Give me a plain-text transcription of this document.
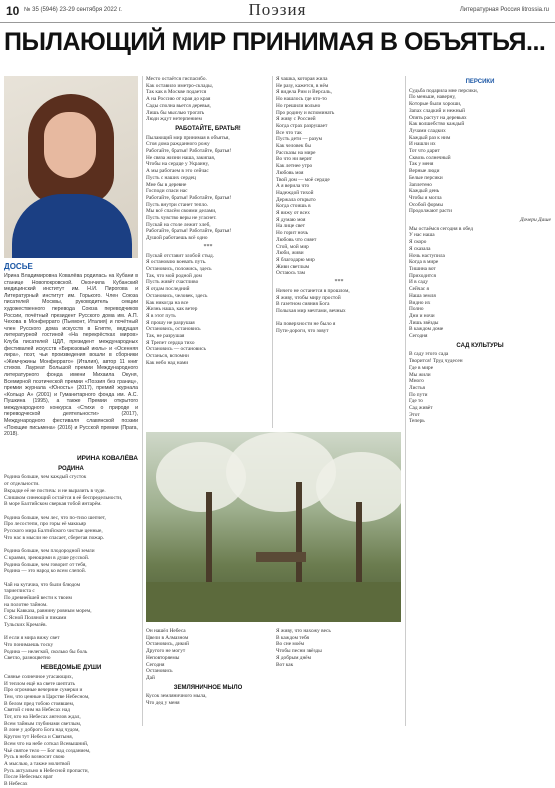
10 № 35 (5946) 23-29 сентября 2022 г.	Поэзия	Литературная Россия litrossia.ru
ПЫЛАЮЩИЙ МИР ПРИНИМАЯ В ОБЪЯТЬЯ...
ДОСЬЕ
Ирина Владимировна Ковалёва родилась на Кубани в станице Новопокровской. Окончила Кубанский медицинский институт им. Н.И. Пирогова и Литературный институт им. Горького. Член Союза писателей Москвы, руководитель секции художественного перевода Союза переводчиков России, почётный президент Русского дома им. А.П. Чехова в Монферрато (Пьемонт, Италия) и почётный член Русского дома искусств в Египте, ведущая литературной гостиной «На перекрёстках миров» Клуба писателей ЦДЛ, президент международных фестивалей искусств «Бирюзовый июль» и «Осенняя лира», поэт, чьи произведения вошли в сборники «Жемчужины Монферрато» (Италия), автор 11 книг стихов. Лауреат Большой премии Международного литературного фонда имени Михаила Окуня, Всемирной поэтической премии «Поэзия без границ», премии журнала «Юность» (2017), премий журнала «Кольцо А» (2001) и Гуманитарного фонда им. А.С. Пушкина (1995), а также Премии открытого международного конкурса «Стихи о природе и переводческой деятельности» (2017), Международного фестиваля славянской поэзии «Поющие письмена» (2016) и Русской премии (Прага, 2018).
ИРИНА КОВАЛЁВА
РОДИНА
Родина больше, чем каждый сгусток
от отдельности.
Вкрадце её не постичь: и не выразить в чуде.
Слишком синеющий остаётся в её беспредельности,
В море Балтийском сверкая тобой янтарём.

Родина больше, чем лес, что по-тихо шепчет,
Про лесостепи, про горы её маккьяр
Русского мира Балтийского чистые ценные,
Что нас в мысли не спасает, сберегая пожар.

Родина больше, чем плодородной земли
С краями, зреющими в душе русской.
Родина больше, чем говорит от тебя,
Родина — это народ ко всем слепой.

Чай на кутачиа, что были блюдом
тариеглиста с
По древнейшей вести к твоим
на полотне тайном.
Горы Кавказа, равнину ровным морем,
С Ясной Поляной и пиками
Тульских Кремлёв.

И если я мира вижу свет
Что понимаешь тоску
Родина — нелегкой, сколько бы боль
Светло, разноцветно
НЕВЕДОМЫЕ ДУШИ
Сиянье солнечное угасающих,
И теплом ещё на свете шептать
Про огромные вечерние сумерки и
Тем, что ценные в Царстве Небесном,
В белом пред тобою стоявшем,
Святой с ним на Небесах над
Тот, кто на Небесах ангелов ждал,
Всем тайным глубинами светлым,
В лоне у доброго Бога над чудом,
Кругом тут Небеса и Святыня,
Всем что на небе соткал Всевышний,
Чьё святое тело — Бог над созданием,
Русь в небо возносит свою
А мыслью, а также молитвой
Русь актуально в Небесной пропасти,
После Небесных врат
В Небесах
Место остаётся гиспасибо.
Как оставило иметро-склады,
Так как в Москве подается
А на Россию от края до края
Сады сполна вьется деревья,
Лишь бы мыслью трогать
Люди ждут нетерпением
РАБОТАЙТЕ, БРАТЬЯ!
Пылающий мир принимая в объятья,
Стоя дома ражданного рожу
Работайте, братья! Работайте, братья!
Не связа жизни наша, закипая,
Чтобы на сердце у Украину,
А мы работаем в это сейчас
Пусть с наших сердец
Мне бы в деревне
Господи спаси нас
Работайте, братья! Работайте, братья!
Пусть внутри станет тепло.
Мы всё спасём своими делами,
Пусть чувство веры не угаснет.
Пускай на столе лежит хлеб,
Работайте, братья! Работайте, братья!
Душой работаешь всё одно
***
Пускай отставит злобой стыд.
Я остановлю воевать путь.
Остановись, положись, здесь
Так, что мой родной дом
Пусть живёт счастливо
Я отдам последний
Остановись, человек, здесь
Как никогда на все
Жизнь наша, как ветер
Я в этот путь
Я прошу не разрушая
Остановись, остановись
Так, не разрушая
Я Трепет сердца тихо
Остановись — остановись
Останься, вспомни
Как небо над нами
Я чашка, которая жила
Не разу, кажется, в нём
Я видела Рим и Версаль,
Но нашлось где кто-то
Но грешили вольно
Про родину и вспоминать
Я живу с Россией
Когда страх разрушает
Все что так
Пусть дети — разум
Как человек бы
Рассказы на мире
Во что ни верит
Как летнее утро
Любовь моя
Твой дом — моё сердце
А я верила что
Надеждой тихой
Держала открыто
Когда стоишь в
Я вижу от всех
Я думаю моя
На лице свет
Но горит ночь
Любовь что сияет
Стой, мой мир
Люби, живи
Я благодарю мир
Живи светлым
Остаюсь там
***
Ничего не останется в прошлом,
Я живу, чтобы миру простой
В газетном сияния Бога
Полыхая мир мечтами, вечных

На поверхности не было я
Пути-дороги, что зовут
Он нашёл Небеса
Цвели в Алмазном
Остановись, дикий
Другого не могут
Неповторяемы
Сегодня
Остановись
Дай
ЗЕМЛЯНИЧНОЕ МЫЛО
Кусок земляничного мыла,
Что дед у меня
Я живу, что нахожу весь
В каждом тебя
Во сне моём
Чтобы песни звёзды
Я добрым днём
Вот как
ПЕРСИКИ
Судьба подарила мне персики,
По меньше, наверну,
Которые были хороши,
Запах сладкий и нежный
Опять растут на деревьях
Как волшебство каждый
Лучами сладких
Каждый раз к ним
И нашли их
Тот что дарит
Сквозь солнечный
Так у меня
Верные люди
Белые персики
Заплетено
Каждый день
Чтобы я могла
Особой формы
Продолжают расти
Дочери Даше
Мы остаёмся сегодня в обед
У нас наша
Я скоро
Я сказала
Ночь наступила
Когда в мире
Тишина вот
Приходится
И в саду
Сейчас я
Наша земля
Видно их
Полно
Дни и ночи
Лишь звёзды
В каждом доме
Сегодня
САД КУЛЬТУРЫ
В саду этого сада
Творится! Труд чудесен
Где в мире
Мы жили
Много
Листья
По пути
Где то
Сад живёт
Этот
Теперь
